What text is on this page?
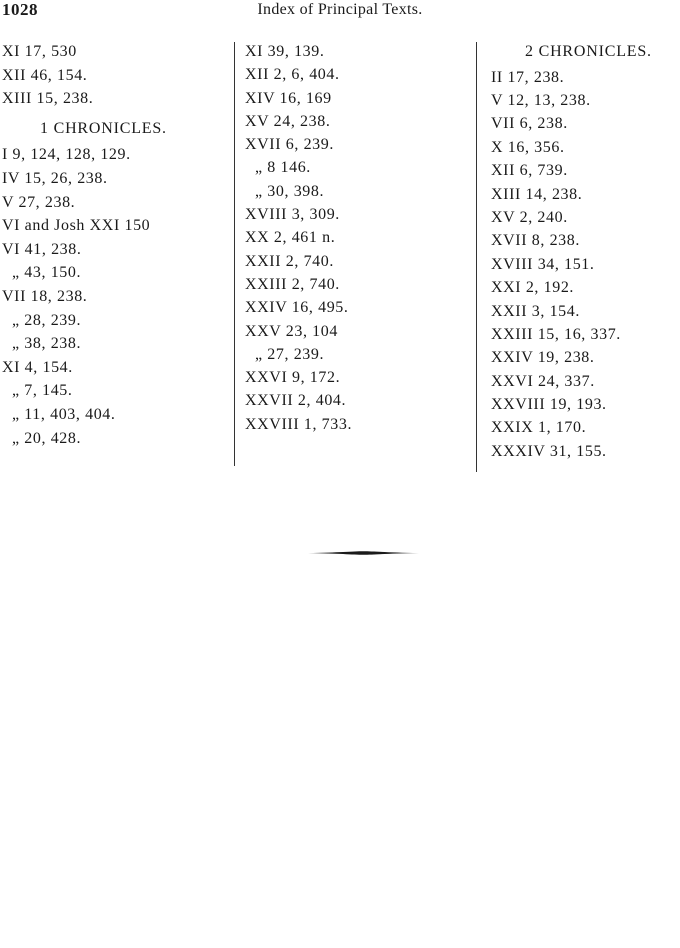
1028	Index of Principal Texts.
XI 17, 530
XII 46, 154.
XIII 15, 238.
1 CHRONICLES.
I 9, 124, 128, 129.
IV 15, 26, 238.
V 27, 238.
VI and Josh XXI 150
VI 41, 238.
„ 43, 150.
VII 18, 238.
„ 28, 239.
„ 38, 238.
XI 4, 154.
„ 7, 145.
„ 11, 403, 404.
„ 20, 428.
XI 39, 139.
XII 2, 6, 404.
XIV 16, 169
XV 24, 238.
XVII 6, 239.
„ 8 146.
„ 30, 398.
XVIII 3, 309.
XX 2, 461 n.
XXII 2, 740.
XXIII 2, 740.
XXIV 16, 495.
XXV 23, 104
„ 27, 239.
XXVI 9, 172.
XXVII 2, 404.
XXVIII 1, 733.
2 CHRONICLES.
II 17, 238.
V 12, 13, 238.
VII 6, 238.
X 16, 356.
XII 6, 739.
XIII 14, 238.
XV 2, 240.
XVII 8, 238.
XVIII 34, 151.
XXI 2, 192.
XXII 3, 154.
XXIII 15, 16, 337.
XXIV 19, 238.
XXVI 24, 337.
XXVIII 19, 193.
XXIX 1, 170.
XXXIV 31, 155.
